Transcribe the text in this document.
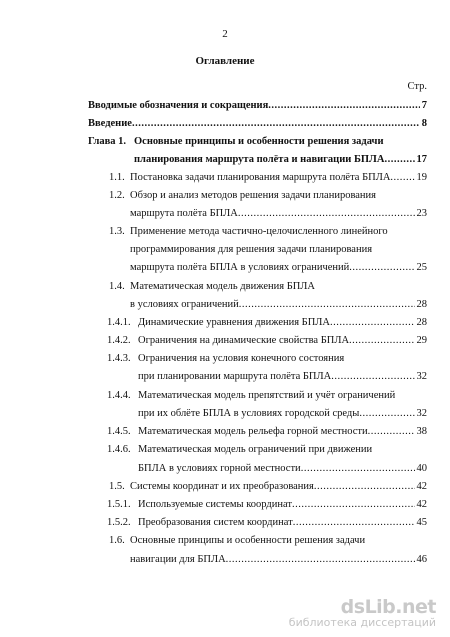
2
Оглавление
Стр.
Вводимые обозначения и сокращения .....	7
Введение .....	8
Глава 1. Основные принципы и особенности решения задачи
планирования маршрута полёта и навигации БПЛА .....	17
1.1. Постановка задачи планирования маршрута полёта БПЛА ..... 19
1.2. Обзор и анализ методов решения задачи планирования
маршрута полёта БПЛА .....	23
1.3. Применение метода частично-целочисленного линейного
программирования для решения задачи планирования
маршрута полёта БПЛА в условиях ограничений .....	25
1.4. Математическая модель движения БПЛА
в условиях ограничений .....	28
1.4.1. Динамические уравнения движения БПЛА .....	28
1.4.2. Ограничения на динамические свойства БПЛА .....	29
1.4.3. Ограничения на условия конечного состояния
при планировании маршрута полёта БПЛА .....	32
1.4.4. Математическая модель препятствий и учёт ограничений
при их облёте БПЛА в условиях городской среды .....	32
1.4.5. Математическая модель рельефа горной местности .....	38
1.4.6. Математическая модель ограничений при движении
БПЛА в условиях горной местности .....	40
1.5. Системы координат и их преобразования .....	42
1.5.1. Используемые системы координат .....	42
1.5.2. Преобразования систем координат .....	45
1.6. Основные принципы и особенности решения задачи
навигации для БПЛА .....	46
dsLib.net
библиотека диссертаций
